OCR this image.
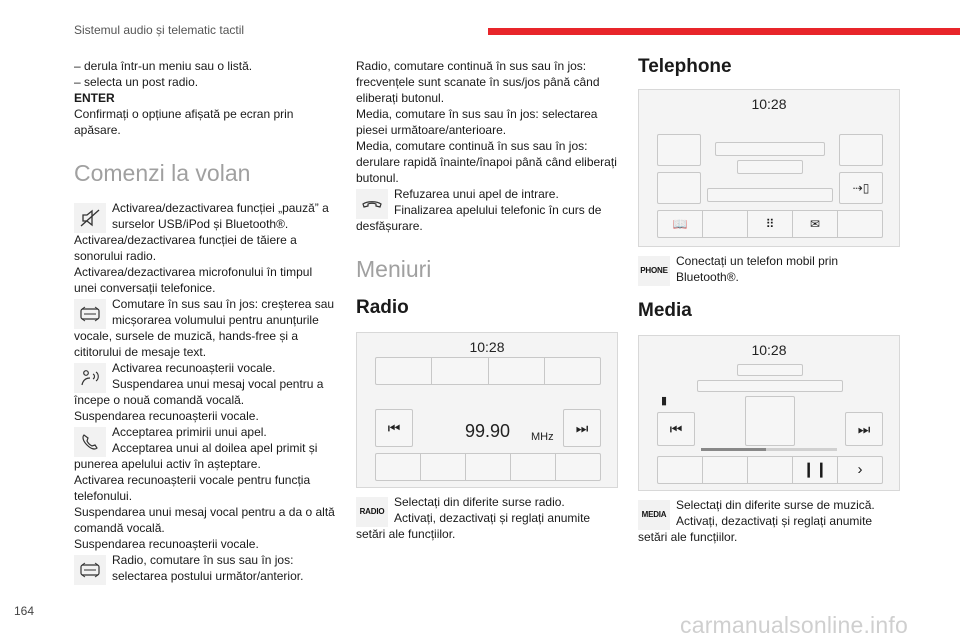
Sistemul audio și telematic tactil
– derula într-un meniu sau o listă.
– selecta un post radio.
ENTER
Confirmați o opțiune afișată pe ecran prin
apăsare.
Comenzi la volan
Activarea/dezactivarea funcției „pauză” a
surselor USB/iPod și Bluetooth®.
Activarea/dezactivarea funcției de tăiere a
sonorului radio.
Activarea/dezactivarea microfonului în timpul
unei conversații telefonice.
Comutare în sus sau în jos: creșterea sau
micșorarea volumului pentru anunțurile
vocale, sursele de muzică, hands-free și a
cititorului de mesaje text.
Activarea recunoașterii vocale.
Suspendarea unui mesaj vocal pentru a
începe o nouă comandă vocală.
Suspendarea recunoașterii vocale.
Acceptarea primirii unui apel.
Acceptarea unui al doilea apel primit și
punerea apelului activ în așteptare.
Activarea recunoașterii vocale pentru funcția
telefonului.
Suspendarea unui mesaj vocal pentru a da o altă
comandă vocală.
Suspendarea recunoașterii vocale.
Radio, comutare în sus sau în jos:
selectarea postului următor/anterior.
Radio, comutare continuă în sus sau în jos:
frecvențele sunt scanate în sus/jos până când
eliberați butonul.
Media, comutare în sus sau în jos: selectarea
piesei următoare/anterioare.
Media, comutare continuă în sus sau în jos:
derulare rapidă înainte/înapoi până când eliberați
butonul.
Refuzarea unui apel de intrare.
Finalizarea apelului telefonic în curs de
desfășurare.
Meniuri
Radio
10:28
⏮	⏭
99.90 MHz
RADIO
Selectați din diferite surse radio.
Activați, dezactivați și reglați anumite
setări ale funcțiilor.
Telephone
10:28
⇢▯
📖	⠿	✉
PHONE
Conectați un telefon mobil prin
Bluetooth®.
Media
10:28
▮
⏮	⏭
❙❙	›
MEDIA
Selectați din diferite surse de muzică.
Activați, dezactivați și reglați anumite
setări ale funcțiilor.
164
carmanualsonline.info
